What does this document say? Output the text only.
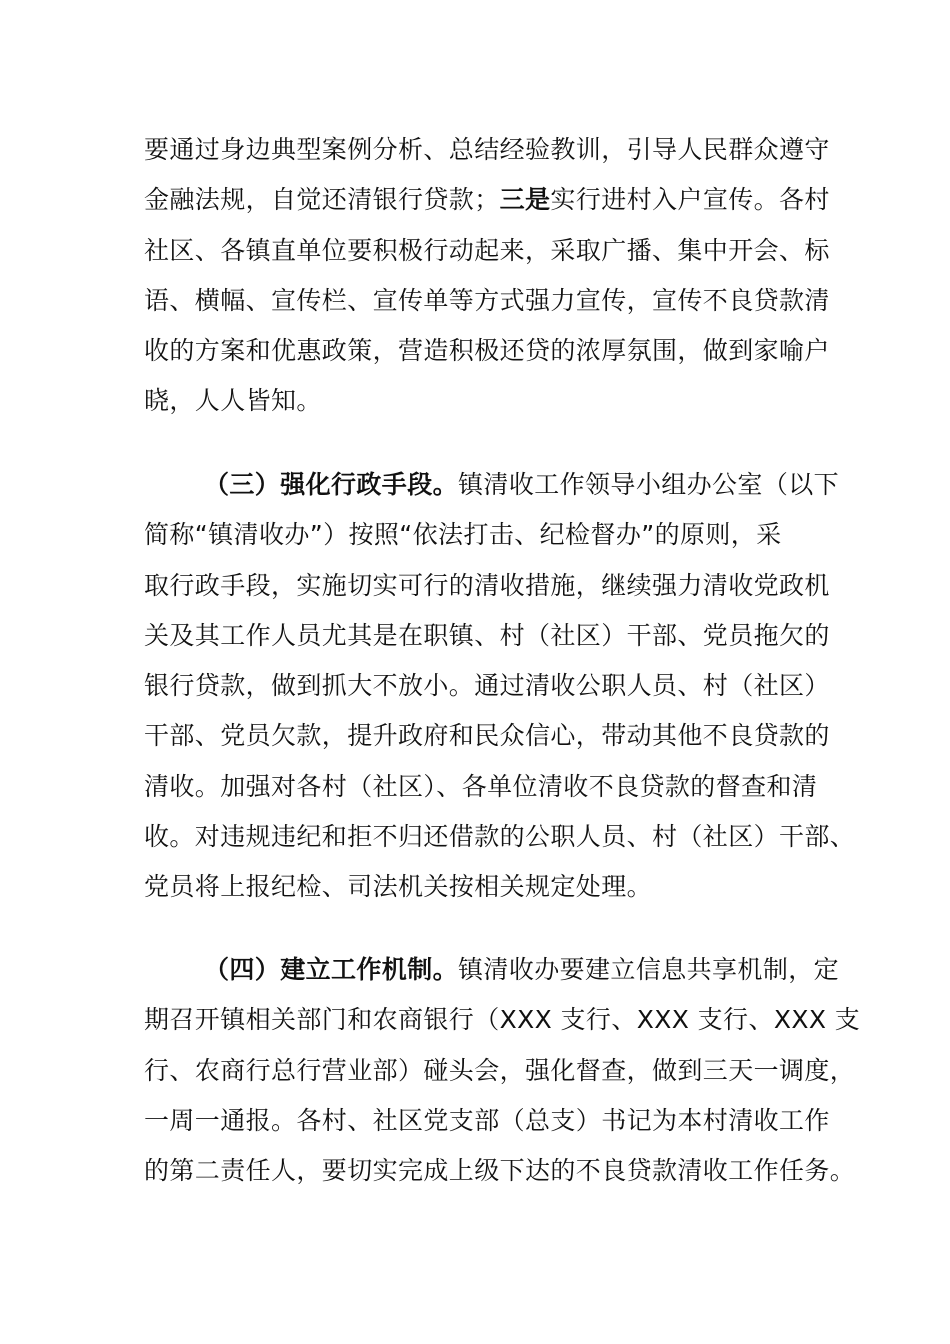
要通过身边典型案例分析、总结经验教训，引导人民群众遵守
金融法规，自觉还清银行贷款；三是实行进村入户宣传。各村
社区、各镇直单位要积极行动起来，采取广播、集中开会、标
语、横幅、宣传栏、宣传单等方式强力宣传，宣传不良贷款清
收的方案和优惠政策，营造积极还贷的浓厚氛围，做到家喻户
晓，人人皆知。
（三）强化行政手段。镇清收工作领导小组办公室（以下
简称“镇清收办”）按照“依法打击、纪检督办”的原则，采
取行政手段，实施切实可行的清收措施，继续强力清收党政机
关及其工作人员尤其是在职镇、村（社区）干部、党员拖欠的
银行贷款，做到抓大不放小。通过清收公职人员、村（社区）
干部、党员欠款，提升政府和民众信心，带动其他不良贷款的
清收。加强对各村（社区）、各单位清收不良贷款的督查和清
收。对违规违纪和拒不归还借款的公职人员、村（社区）干部、
党员将上报纪检、司法机关按相关规定处理。
（四）建立工作机制。镇清收办要建立信息共享机制，定
期召开镇相关部门和农商银行（XXX 支行、XXX 支行、XXX 支
行、农商行总行营业部）碰头会，强化督查，做到三天一调度，
一周一通报。各村、社区党支部（总支）书记为本村清收工作
的第二责任人，要切实完成上级下达的不良贷款清收工作任务。
